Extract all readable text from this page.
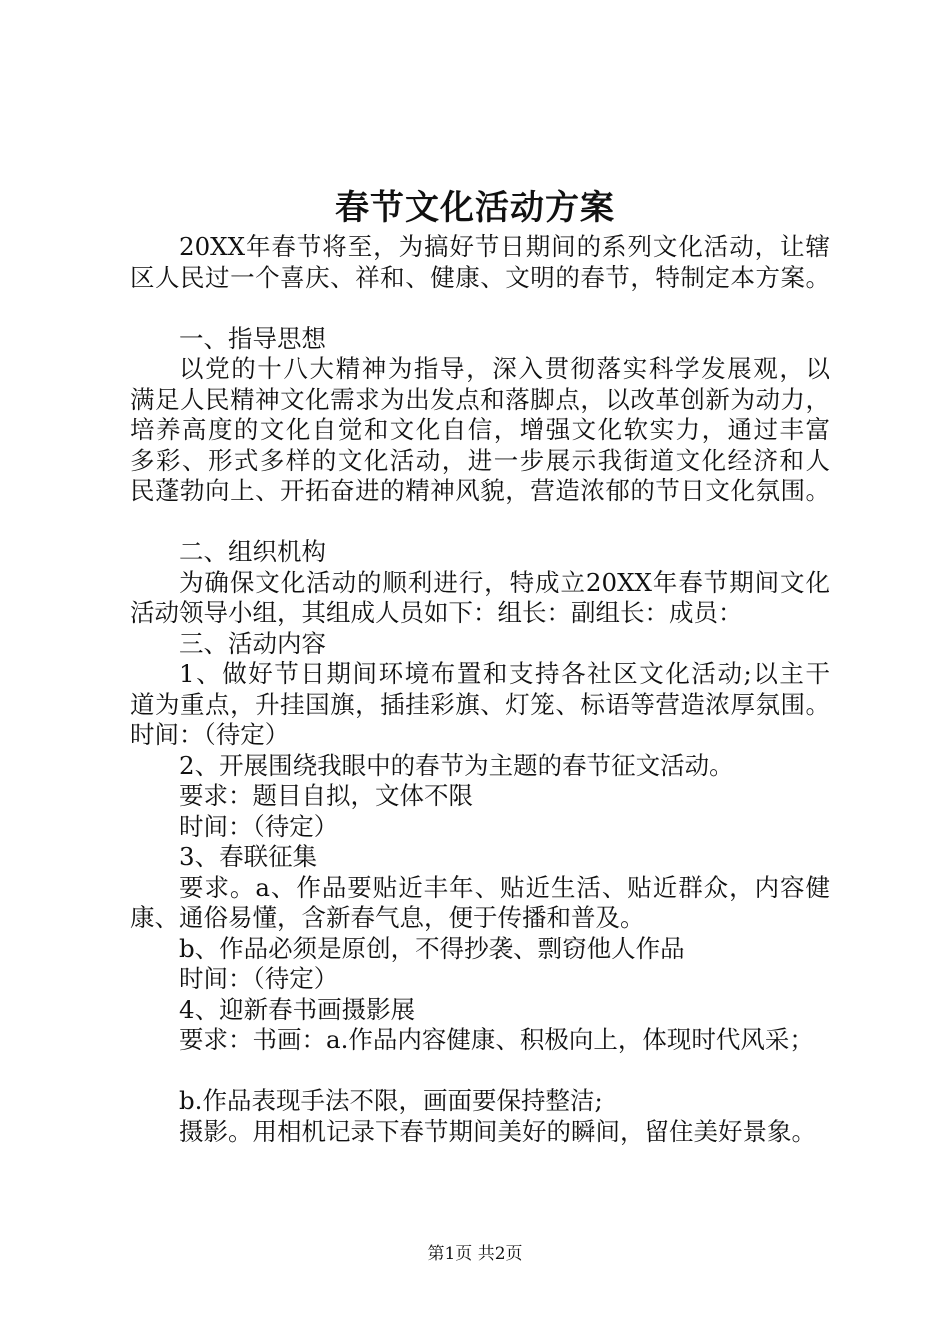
春节文化活动方案
20XX年春节将至，为搞好节日期间的系列文化活动，让辖
区人民过一个喜庆、祥和、健康、文明的春节，特制定本方案。
一、指导思想
以党的十八大精神为指导，深入贯彻落实科学发展观，以
满足人民精神文化需求为出发点和落脚点，以改革创新为动力，
培养高度的文化自觉和文化自信，增强文化软实力，通过丰富
多彩、形式多样的文化活动，进一步展示我街道文化经济和人
民蓬勃向上、开拓奋进的精神风貌，营造浓郁的节日文化氛围。
二、组织机构
为确保文化活动的顺利进行，特成立20XX年春节期间文化
活动领导小组，其组成人员如下：组长：副组长：成员：
三、活动内容
1、做好节日期间环境布置和支持各社区文化活动;以主干
道为重点，升挂国旗，插挂彩旗、灯笼、标语等营造浓厚氛围。
时间：（待定）
2、开展围绕我眼中的春节为主题的春节征文活动。
要求：题目自拟，文体不限
时间：（待定）
3、春联征集
要求。a、作品要贴近丰年、贴近生活、贴近群众，内容健
康、通俗易懂，含新春气息，便于传播和普及。
b、作品必须是原创，不得抄袭、剽窃他人作品
时间：（待定）
4、迎新春书画摄影展
要求：书画：a.作品内容健康、积极向上，体现时代风采；
b.作品表现手法不限，画面要保持整洁;
摄影。用相机记录下春节期间美好的瞬间，留住美好景象。
第1页 共2页
